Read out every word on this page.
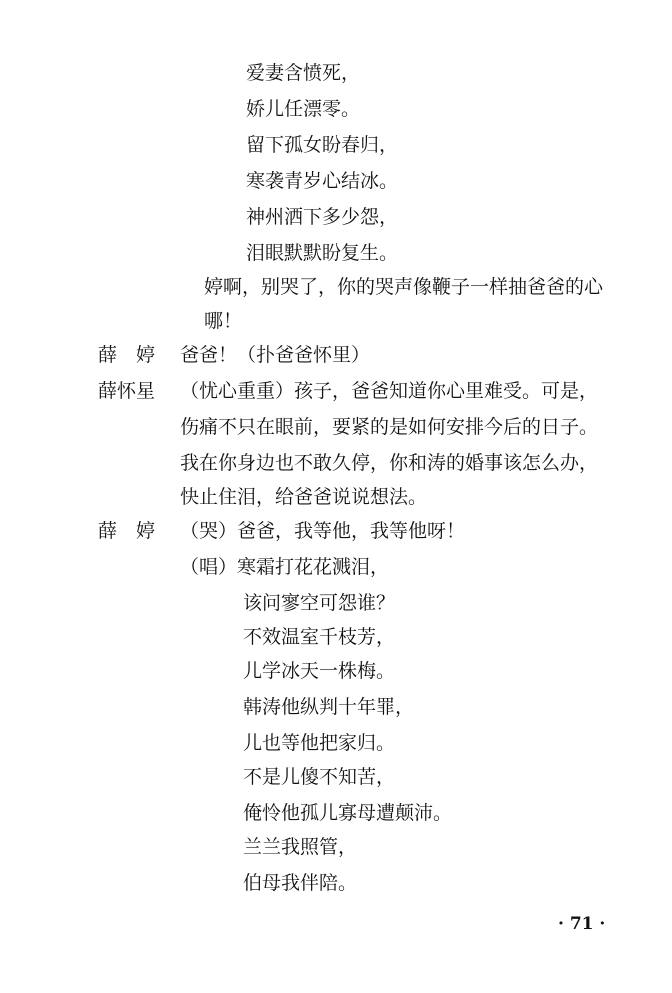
爱妻含愤死，
娇儿任漂零。
留下孤女盼春归，
寒袭青岁心结冰。
神州洒下多少怨，
泪眼默默盼复生。
婷啊，别哭了，你的哭声像鞭子一样抽爸爸的心
哪！
薛　婷 爸爸！（扑爸爸怀里）
薛怀星 （忧心重重）孩子，爸爸知道你心里难受。可是，
伤痛不只在眼前，要紧的是如何安排今后的日子。
我在你身边也不敢久停，你和涛的婚事该怎么办，
快止住泪，给爸爸说说想法。
薛　婷 （哭）爸爸，我等他，我等他呀！
（唱）寒霜打花花溅泪，
该问寥空可怨谁？
不效温室千枝芳，
儿学冰天一株梅。
韩涛他纵判十年罪，
儿也等他把家归。
不是儿傻不知苦，
俺怜他孤儿寡母遭颠沛。
兰兰我照管，
伯母我伴陪。
· 71 ·
